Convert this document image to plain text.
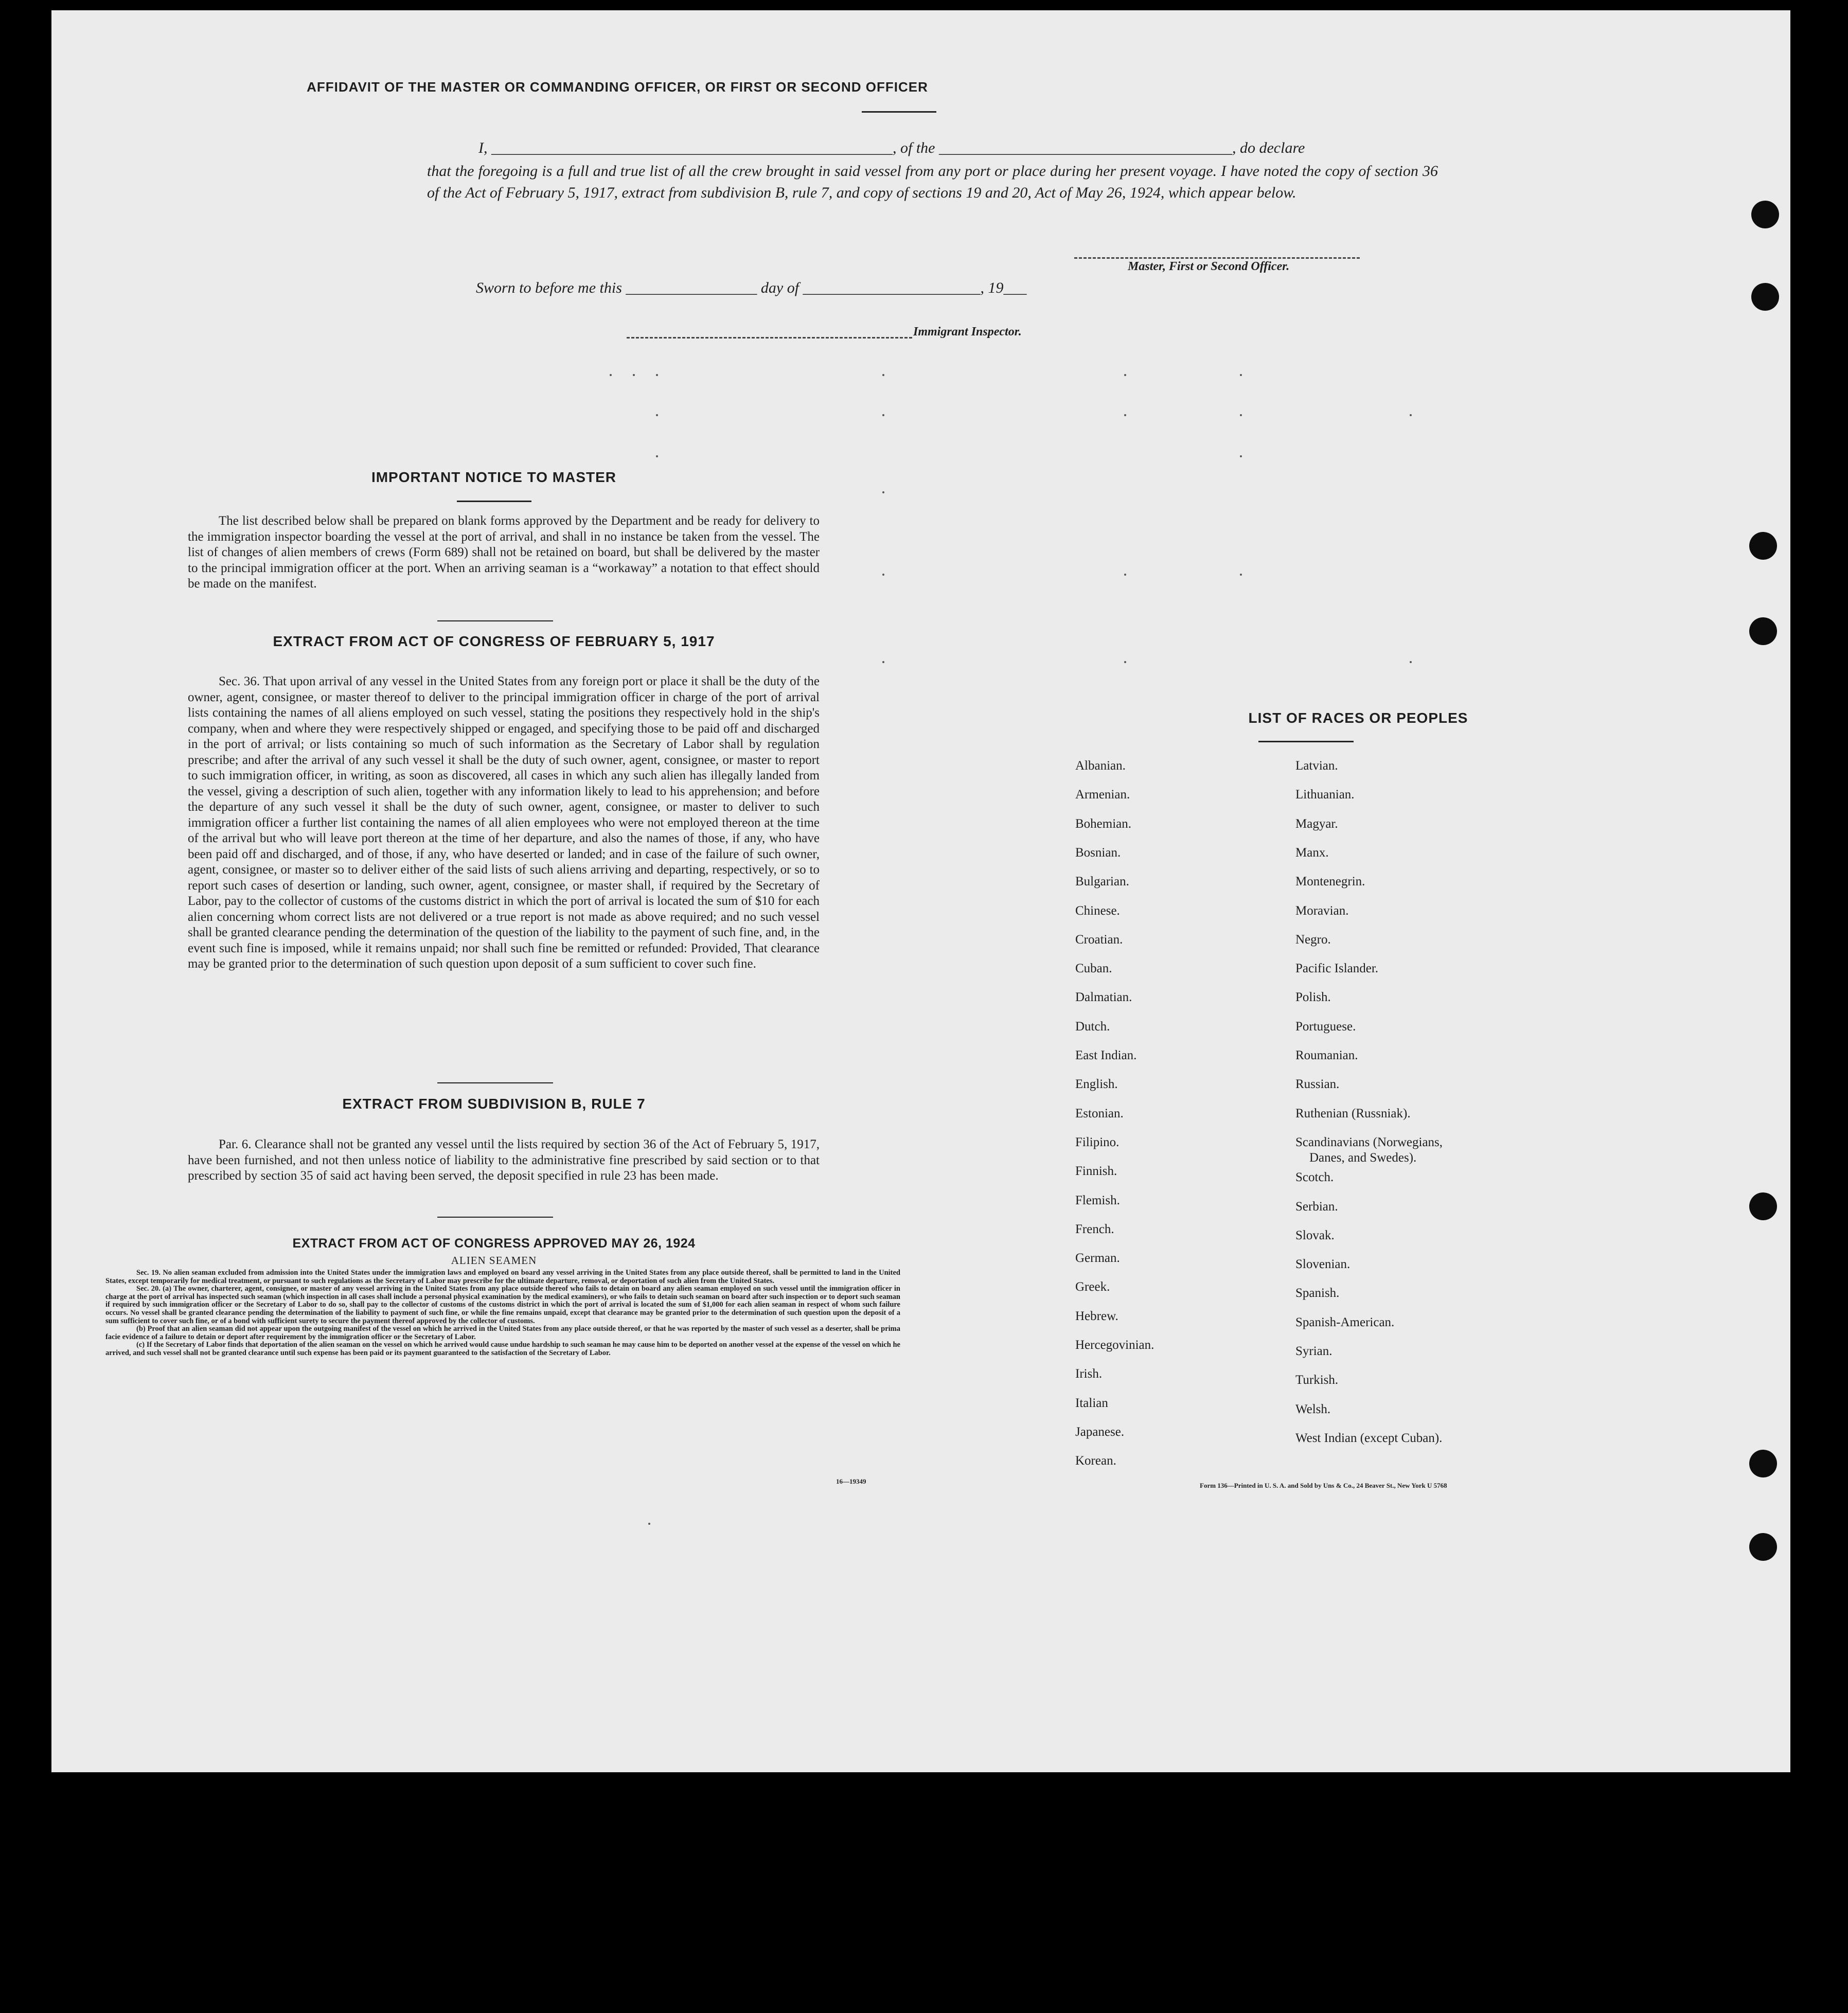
AFFIDAVIT OF THE MASTER OR COMMANDING OFFICER, OR FIRST OR SECOND OFFICER
I, ____________________________________________________, of the ______________________________________, do declare
that the foregoing is a full and true list of all the crew brought in said vessel from any port or place during her present voyage. I have noted the copy of section 36 of the Act of February 5, 1917, extract from subdivision B, rule 7, and copy of sections 19 and 20, Act of May 26, 1924, which appear below.
Master, First or Second Officer.
Sworn to before me this _________________ day of _______________________, 19___
Immigrant Inspector.
IMPORTANT NOTICE TO MASTER
The list described below shall be prepared on blank forms approved by the Department and be ready for delivery to the immigration inspector boarding the vessel at the port of arrival, and shall in no instance be taken from the vessel. The list of changes of alien members of crews (Form 689) shall not be retained on board, but shall be delivered by the master to the principal immigration officer at the port. When an arriving seaman is a “workaway” a notation to that effect should be made on the manifest.
EXTRACT FROM ACT OF CONGRESS OF FEBRUARY 5, 1917
Sec. 36. That upon arrival of any vessel in the United States from any foreign port or place it shall be the duty of the owner, agent, consignee, or master thereof to deliver to the principal immigration officer in charge of the port of arrival lists containing the names of all aliens employed on such vessel, stating the positions they respectively hold in the ship's company, when and where they were respectively shipped or engaged, and specifying those to be paid off and discharged in the port of arrival; or lists containing so much of such information as the Secretary of Labor shall by regulation prescribe; and after the arrival of any such vessel it shall be the duty of such owner, agent, consignee, or master to report to such immigration officer, in writing, as soon as discovered, all cases in which any such alien has illegally landed from the vessel, giving a description of such alien, together with any information likely to lead to his apprehension; and before the departure of any such vessel it shall be the duty of such owner, agent, consignee, or master to deliver to such immigration officer a further list containing the names of all alien employees who were not employed thereon at the time of the arrival but who will leave port thereon at the time of her departure, and also the names of those, if any, who have been paid off and discharged, and of those, if any, who have deserted or landed; and in case of the failure of such owner, agent, consignee, or master so to deliver either of the said lists of such aliens arriving and departing, respectively, or so to report such cases of desertion or landing, such owner, agent, consignee, or master shall, if required by the Secretary of Labor, pay to the collector of customs of the customs district in which the port of arrival is located the sum of $10 for each alien concerning whom correct lists are not delivered or a true report is not made as above required; and no such vessel shall be granted clearance pending the determination of the question of the liability to the payment of such fine, and, in the event such fine is imposed, while it remains unpaid; nor shall such fine be remitted or refunded: Provided, That clearance may be granted prior to the determination of such question upon deposit of a sum sufficient to cover such fine.
EXTRACT FROM SUBDIVISION B, RULE 7
Par. 6. Clearance shall not be granted any vessel until the lists required by section 36 of the Act of February 5, 1917, have been furnished, and not then unless notice of liability to the administrative fine prescribed by said section or to that prescribed by section 35 of said act having been served, the deposit specified in rule 23 has been made.
EXTRACT FROM ACT OF CONGRESS APPROVED MAY 26, 1924
ALIEN SEAMEN

Sec. 19. No alien seaman excluded from admission into the United States under the immigration laws and employed on board any vessel arriving in the United States from any place outside thereof, shall be permitted to land in the United States, except temporarily for medical treatment, or pursuant to such regulations as the Secretary of Labor may prescribe for the ultimate departure, removal, or deportation of such alien from the United States.

Sec. 20. (a) The owner, charterer, agent, consignee, or master of any vessel arriving in the United States from any place outside thereof who fails to detain on board any alien seaman employed on such vessel until the immigration officer in charge at the port of arrival has inspected such seaman (which inspection in all cases shall include a personal physical examination by the medical examiners), or who fails to detain such seaman on board after such inspection or to deport such seaman if required by such immigration officer or the Secretary of Labor to do so, shall pay to the collector of customs of the customs district in which the port of arrival is located the sum of $1,000 for each alien seaman in respect of whom such failure occurs. No vessel shall be granted clearance pending the determination of the liability to payment of such fine, or while the fine remains unpaid, except that clearance may be granted prior to the determination of such question upon the deposit of a sum sufficient to cover such fine, or of a bond with sufficient surety to secure the payment thereof approved by the collector of customs.

(b) Proof that an alien seaman did not appear upon the outgoing manifest of the vessel on which he arrived in the United States from any place outside thereof, or that he was reported by the master of such vessel as a deserter, shall be prima facie evidence of a failure to detain or deport after requirement by the immigration officer or the Secretary of Labor.

(c) If the Secretary of Labor finds that deportation of the alien seaman on the vessel on which he arrived would cause undue hardship to such seaman he may cause him to be deported on another vessel at the expense of the vessel on which he arrived, and such vessel shall not be granted clearance until such expense has been paid or its payment guaranteed to the satisfaction of the Secretary of Labor.

16—19349
LIST OF RACES OR PEOPLES
Albanian.
Armenian.
Bohemian.
Bosnian.
Bulgarian.
Chinese.
Croatian.
Cuban.
Dalmatian.
Dutch.
East Indian.
English.
Estonian.
Filipino.
Finnish.
Flemish.
French.
German.
Greek.
Hebrew.
Hercegovinian.
Irish.
Italian
Japanese.
Korean.
Latvian.
Lithuanian.
Magyar.
Manx.
Montenegrin.
Moravian.
Negro.
Pacific Islander.
Polish.
Portuguese.
Roumanian.
Russian.
Ruthenian (Russniak).
Scandinavians (Norwegians,
Danes, and Swedes).
Scotch.
Serbian.
Slovak.
Slovenian.
Spanish.
Spanish-American.
Syrian.
Turkish.
Welsh.
West Indian (except Cuban).
Form 136—Printed in U. S. A. and Sold by Uns & Co., 24 Beaver St., New York U 5768
